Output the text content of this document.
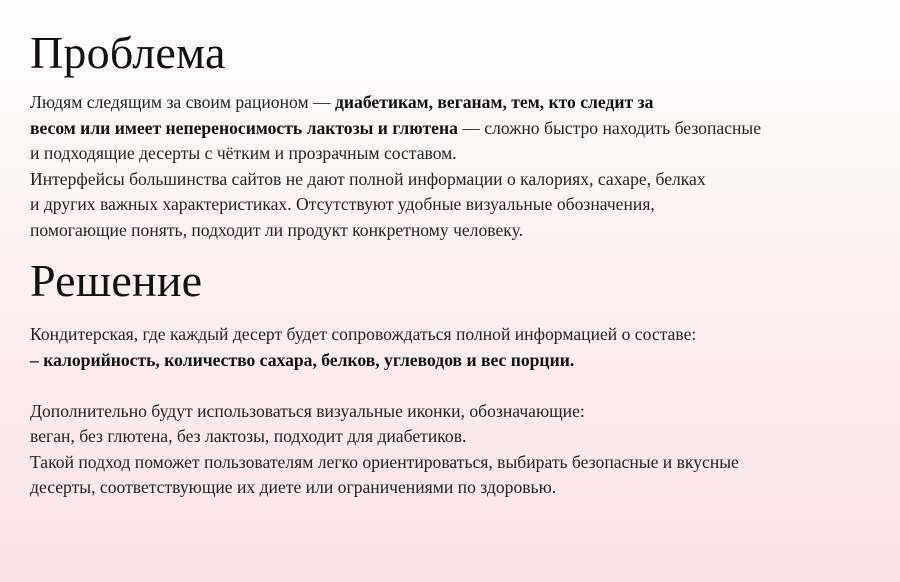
Проблема

Людям следящим за своим рационом — диабетикам, веганам, тем, кто следит за
весом или имеет непереносимость лактозы и глютена — сложно быстро находить безопасные
и подходящие десерты с чётким и прозрачным составом.
Интерфейсы большинства сайтов не дают полной информации о калориях, сахаре, белках
и других важных характеристиках. Отсутствуют удобные визуальные обозначения,
помогающие понять, подходит ли продукт конкретному человеку.

Решение

Кондитерская, где каждый десерт будет сопровождаться полной информацией о составе:
– калорийность, количество сахара, белков, углеводов и вес порции.
Дополнительно будут использоваться визуальные иконки, обозначающие:
веган, без глютена, без лактозы, подходит для диабетиков.
Такой подход поможет пользователям легко ориентироваться, выбирать безопасные и вкусные
десерты, соответствующие их диете или ограничениями по здоровью.
